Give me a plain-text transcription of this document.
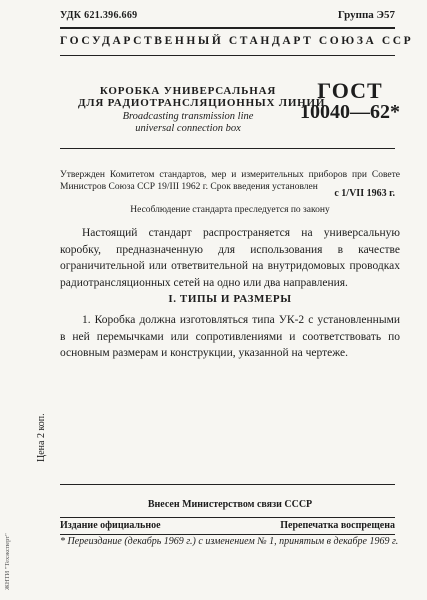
УДК 621.396.669	Группа Э57
ГОСУДАРСТВЕННЫЙ СТАНДАРТ СОЮЗА ССР
КОРОБКА УНИВЕРСАЛЬНАЯ
ДЛЯ РАДИОТРАНСЛЯЦИОННЫХ ЛИНИЙ
Broadcasting transmission line
universal connection box
ГОСТ
10040—62*
Утвержден Комитетом стандартов, мер и измерительных приборов при Совете Министров Союза ССР 19/III 1962 г. Срок введения установлен
с 1/VII 1963 г.
Несоблюдение стандарта преследуется по закону
Настоящий стандарт распространяется на универсальную коробку, предназначенную для использования в качестве ограничительной или ответвительной на внутридомовых проводках радиотрансляционных сетей на одно или два направления.
I. ТИПЫ И РАЗМЕРЫ
1. Коробка должна изготовляться типа УК-2 с установленными в ней перемычками или сопротивлениями и соответствовать по основным размерам и конструкции, указанной на чертеже.
Цена 2 коп.
ЖНТИ "Техэксперт"
Внесен Министерством связи СССР
Издание официальное	Перепечатка воспрещена
* Переиздание (декабрь 1969 г.) с изменением № 1, принятым в декабре 1969 г.
